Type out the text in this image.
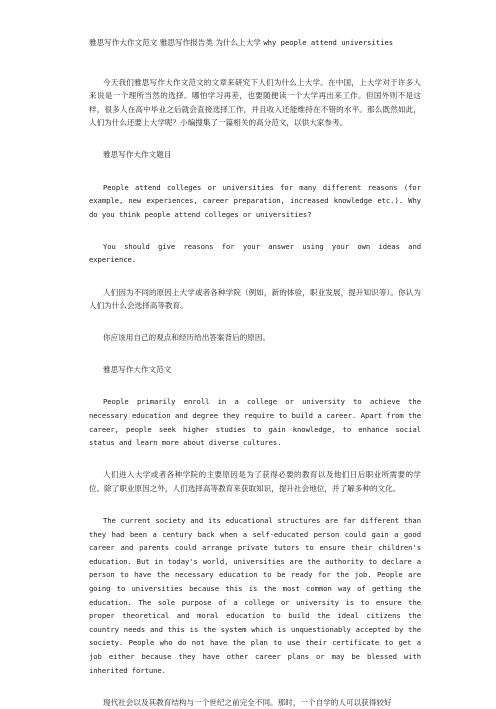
雅思写作大作文范文 雅思写作报告类 为什么上大学 why people attend universities

今天我们雅思写作大作文范文的文章来研究下人们为什么上大学。在中国，上大学对于许多人来说是一个理所当然的选择。哪怕学习再差，也要随便读一个大学再出来工作。但国外则不是这样，很多人在高中毕业之后就会直接选择工作，并且收入还能维持在不错的水平。那么既然如此，人们为什么还要上大学呢？小编搜集了一篇相关的高分范文，以供大家参考。

雅思写作大作文题目

People attend colleges or universities for many different reasons (for example, new experiences, career preparation, increased knowledge etc.). Why do you think people attend colleges or universities?

You should give reasons for your answer using your own ideas and experience.

人们因为不同的原因上大学或者各种学院（例如，新的体验，职业发展，提升知识等）。你认为人们为什么会选择高等教育。

你应该用自己的观点和经历给出答案背后的原因。

雅思写作大作文范文

People primarily enroll in a college or university to achieve the necessary education and degree they require to build a career. Apart from the career, people seek higher studies to gain knowledge, to enhance social status and learn more about diverse cultures.

人们进入大学或者各种学院的主要原因是为了获得必要的教育以及他们日后职业所需要的学位。除了职业原因之外，人们选择高等教育来获取知识，提升社会地位，并了解多种的文化。

The current society and its educational structures are far different than they had been a century back when a self-educated person could gain a good career and parents could arrange private tutors to ensure their children's education. But in today's world, universities are the authority to declare a person to have the necessary education to be ready for the job. People are going to universities because this is the most common way of getting the education. The sole purpose of a college or university is to ensure the proper theoretical and moral education to build the ideal citizens the country needs and this is the system which is unquestionably accepted by the society. People who do not have the plan to use their certificate to get a job either because they have other career plans or may be blessed with inherited fortune.

现代社会以及其教育结构与一个世纪之前完全不同。那时，一个自学的人可以获得较好
